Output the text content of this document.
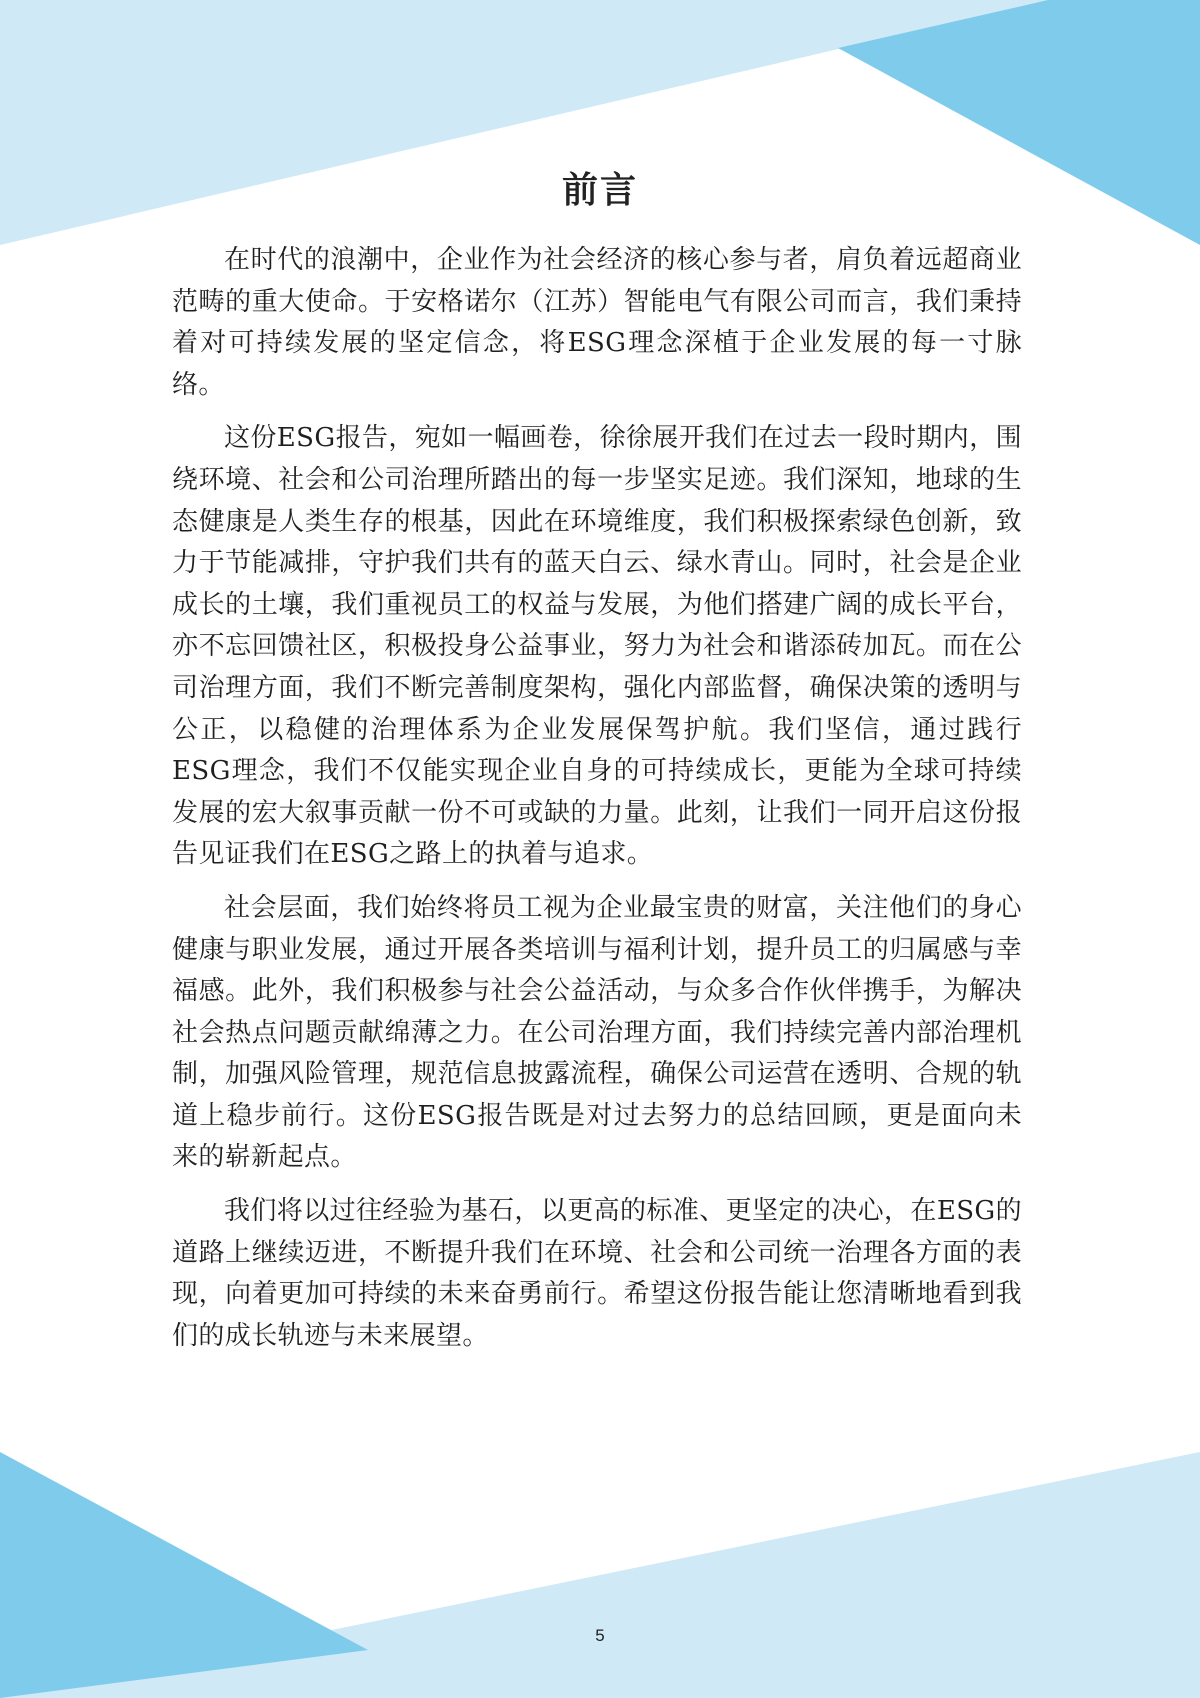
前言

在时代的浪潮中，企业作为社会经济的核心参与者，肩负着远超商业范畴的重大使命。于安格诺尔（江苏）智能电气有限公司而言，我们秉持着对可持续发展的坚定信念，将ESG理念深植于企业发展的每一寸脉络。

这份ESG报告，宛如一幅画卷，徐徐展开我们在过去一段时期内，围绕环境、社会和公司治理所踏出的每一步坚实足迹。我们深知，地球的生态健康是人类生存的根基，因此在环境维度，我们积极探索绿色创新，致力于节能减排，守护我们共有的蓝天白云、绿水青山。同时，社会是企业成长的土壤，我们重视员工的权益与发展，为他们搭建广阔的成长平台，亦不忘回馈社区，积极投身公益事业，努力为社会和谐添砖加瓦。而在公司治理方面，我们不断完善制度架构，强化内部监督，确保决策的透明与公正，以稳健的治理体系为企业发展保驾护航。我们坚信，通过践行ESG理念，我们不仅能实现企业自身的可持续成长，更能为全球可持续发展的宏大叙事贡献一份不可或缺的力量。此刻，让我们一同开启这份报告见证我们在ESG之路上的执着与追求。

社会层面，我们始终将员工视为企业最宝贵的财富，关注他们的身心健康与职业发展，通过开展各类培训与福利计划，提升员工的归属感与幸福感。此外，我们积极参与社会公益活动，与众多合作伙伴携手，为解决社会热点问题贡献绵薄之力。在公司治理方面，我们持续完善内部治理机制，加强风险管理，规范信息披露流程，确保公司运营在透明、合规的轨道上稳步前行。这份ESG报告既是对过去努力的总结回顾，更是面向未来的崭新起点。

我们将以过往经验为基石，以更高的标准、更坚定的决心，在ESG的道路上继续迈进，不断提升我们在环境、社会和公司统一治理各方面的表现，向着更加可持续的未来奋勇前行。希望这份报告能让您清晰地看到我们的成长轨迹与未来展望。

5
